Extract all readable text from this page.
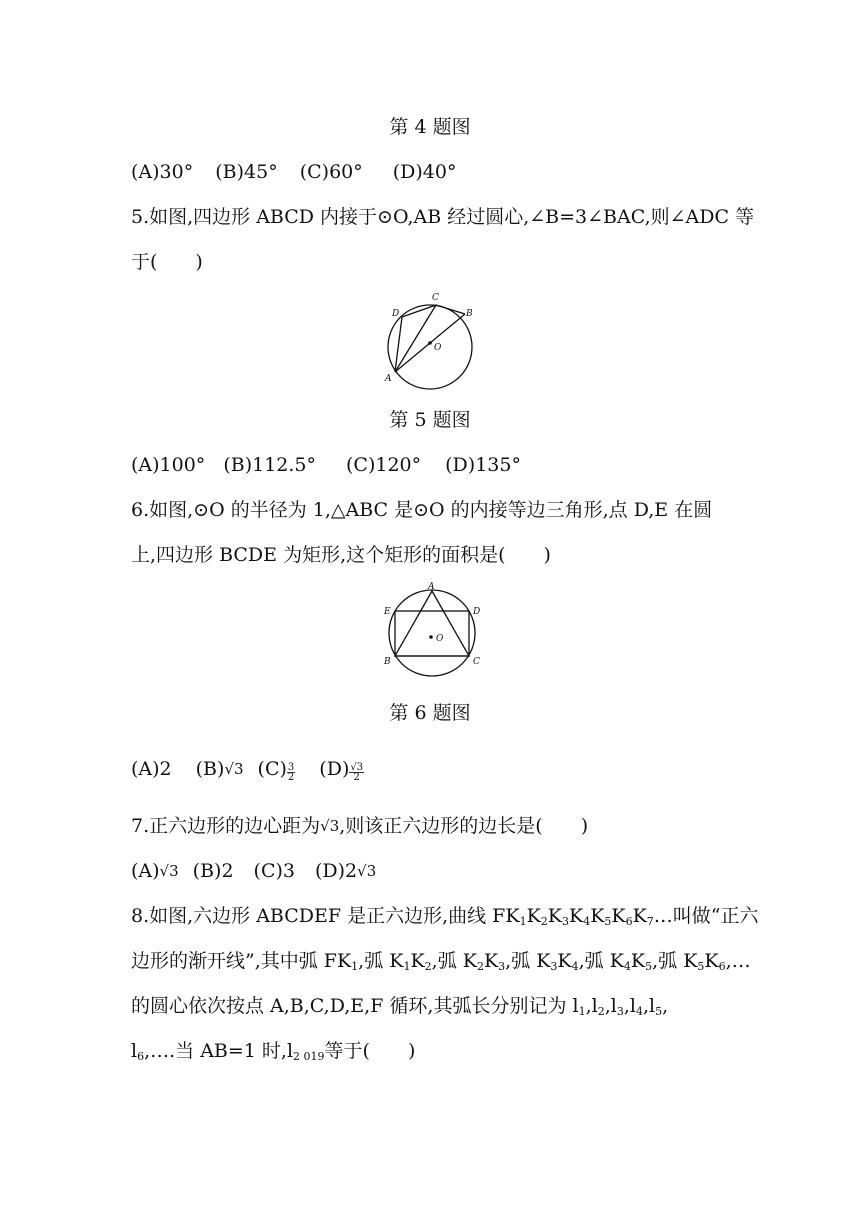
第 4 题图
(A)30° (B)45° (C)60° (D)40°
5.如图,四边形 ABCD 内接于⊙O,AB 经过圆心,∠B=3∠BAC,则∠ADC 等
于(　　)
D
C
B
O
A
第 5 题图
(A)100° (B)112.5° (C)120° (D)135°
6.如图,⊙O 的半径为 1,△ABC 是⊙O 的内接等边三角形,点 D,E 在圆
上,四边形 BCDE 为矩形,这个矩形的面积是(　　)
A
E	D
O
B	C
第 6 题图
(A)2 (B)√3 $(C) \frac{3}{2} (D) \frac{√3}{2}$
7.正六边形的边心距为√3,则该正六边形的边长是(　　)
(A)√3 (B)2 (C)3 (D)2√3
8.如图,六边形 ABCDEF 是正六边形,曲线 $FK_1K_2K_3K_4K_5K_6K_7\dots$叫做“正六
边形的渐开线”,其中弧 $FK_1$,弧 $K_1K_2$,弧 $K_2K_3$,弧 $K_3K_4$,弧 $K_4K_5$,弧 $K_5K_6,\dots$
的圆心依次按点 A,B,C,D,E,F 循环,其弧长分别记为 $l_1,l_2,l_3,l_4,l_5$,
$l_6,\dots$.当 AB=1 时$,l_{2 019}$等于(　　)
